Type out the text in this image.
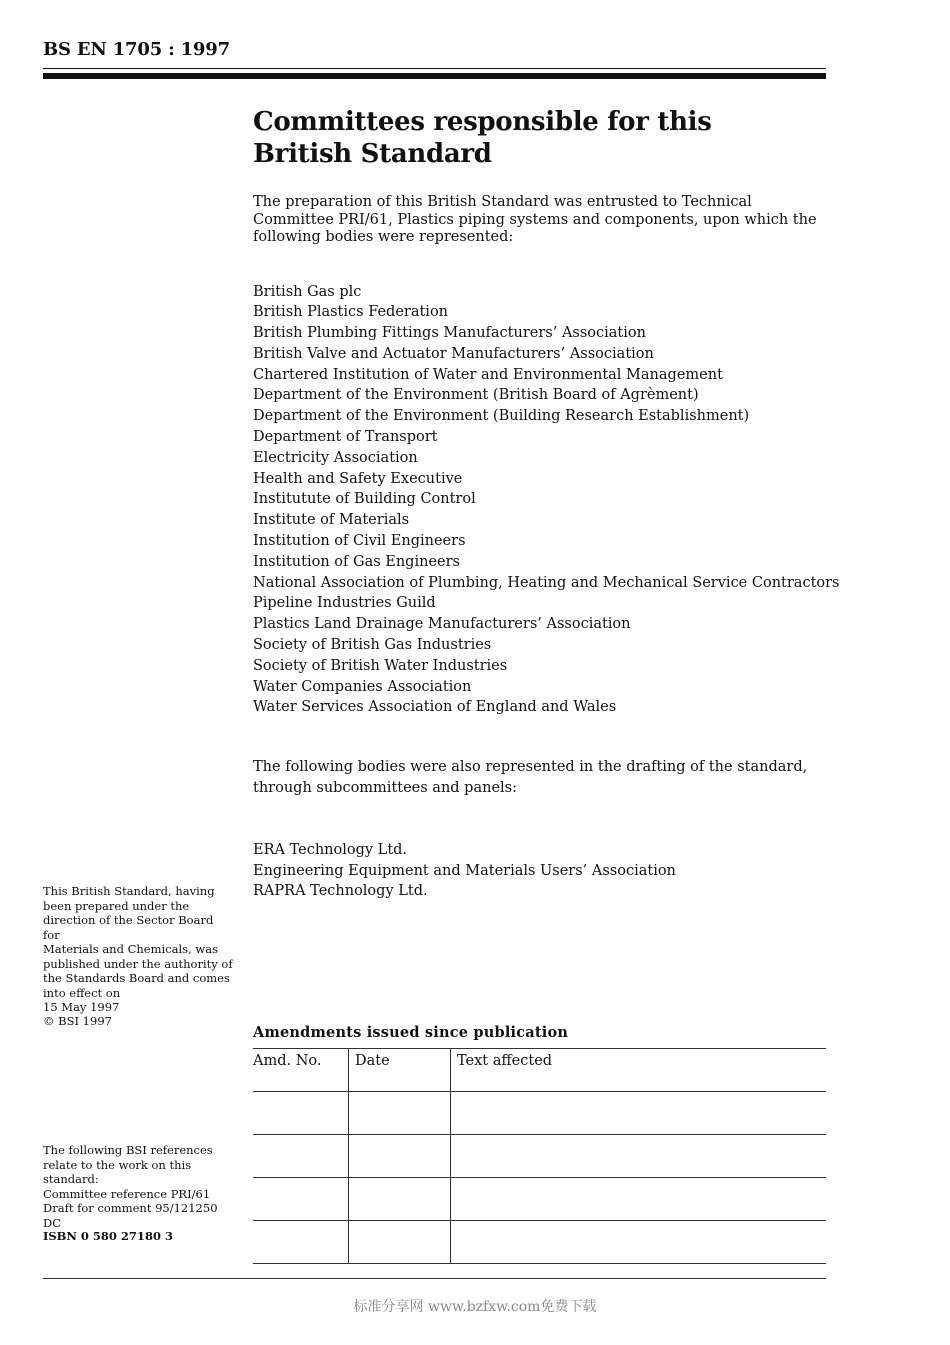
BS EN 1705 : 1997
Committees responsible for this
British Standard

The preparation of this British Standard was entrusted to Technical Committee PRI/61, Plastics piping systems and components, upon which the following bodies were represented:

British Gas plc
British Plastics Federation
British Plumbing Fittings Manufacturers’ Association
British Valve and Actuator Manufacturers’ Association
Chartered Institution of Water and Environmental Management
Department of the Environment (British Board of Agrèment)
Department of the Environment (Building Research Establishment)
Department of Transport
Electricity Association
Health and Safety Executive
Institutute of Building Control
Institute of Materials
Institution of Civil Engineers
Institution of Gas Engineers
National Association of Plumbing, Heating and Mechanical Service Contractors
Pipeline Industries Guild
Plastics Land Drainage Manufacturers’ Association
Society of British Gas Industries
Society of British Water Industries
Water Companies Association
Water Services Association of England and Wales

The following bodies were also represented in the drafting of the standard, through subcommittees and panels:

ERA Technology Ltd.
Engineering Equipment and Materials Users’ Association
RAPRA Technology Ltd.

This British Standard, having

been prepared under the

direction of the Sector Board for

Materials and Chemicals, was

published under the authority of

the Standards Board and comes

into effect on

15 May 1997

© BSI 1997

The following BSI references

relate to the work on this

standard:

Committee reference PRI/61

Draft for comment 95/121250 DC

ISBN 0 580 27180 3
Amendments issued since publication
Amd. No.	Date	Text affected

标准分享网 www.bzfxw.com免费下载
